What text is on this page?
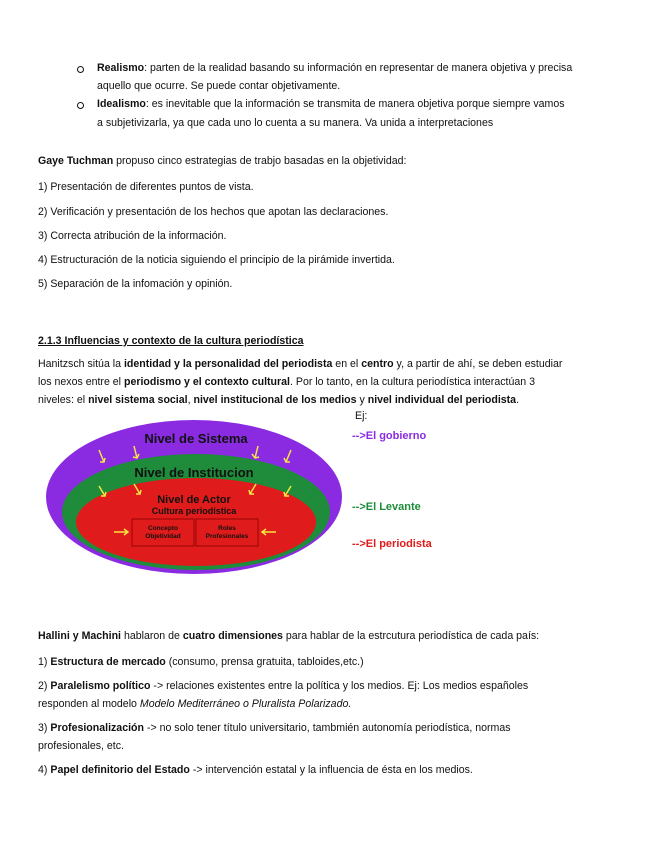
Realismo: parten de la realidad basando su información en representar de manera objetiva y precisa
aquello que ocurre. Se puede contar objetivamente.
Idealismo: es inevitable que la información se transmita de manera objetiva porque siempre vamos
a subjetivizarla, ya que cada uno lo cuenta a su manera. Va unida a interpretaciones
Gaye Tuchman propuso cinco estrategias de trabjo basadas en la objetividad:
1) Presentación de diferentes puntos de vista.
2) Verificación y presentación de los hechos que apotan las declaraciones.
3) Correcta atribución de la información.
4) Estructuración de la noticia siguiendo el principio de la pirámide invertida.
5) Separación de la infomación y opinión.
2.1.3 Influencias y contexto de la cultura periodística
Hanitzsch sitúa la identidad y la personalidad del periodista en el centro y, a partir de ahí, se deben estudiar
los nexos entre el periodismo y el contexto cultural. Por lo tanto, en la cultura periodística interactúan 3
niveles: el nivel sistema social, nivel institucional de los medios y nivel individual del periodista.
Nivel de Sistema
Nivel de Institucion
Nivel de Actor
Cultura periodística
Concepto
Objetividad
Roles
Profesionales
Ej:
-->El gobierno
-->El Levante
-->El periodista
Hallini y Machini hablaron de cuatro dimensiones para hablar de la estrcutura periodística de cada país:
1) Estructura de mercado (consumo, prensa gratuita, tabloides,etc.)
2) Paralelismo político -> relaciones existentes entre la política y los medios. Ej: Los medios españoles
responden al modelo Modelo Mediterráneo o Pluralista Polarizado.
3) Profesionalización -> no solo tener título universitario, tambmién autonomía periodística, normas
profesionales, etc.
4) Papel definitorio del Estado -> intervención estatal y la influencia de ésta en los medios.
